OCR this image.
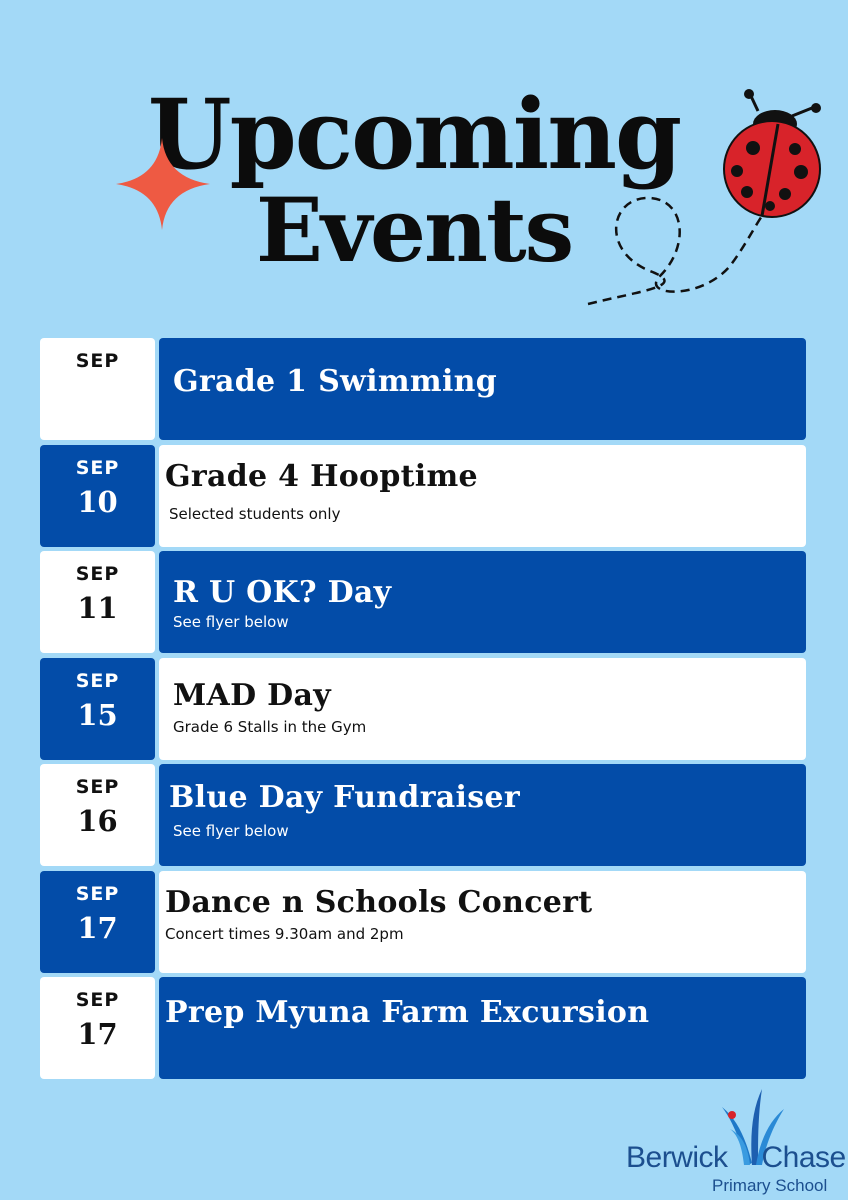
Upcoming
Events
SEP
Grade 1 Swimming
SEP
10
Grade 4 Hooptime
Selected students only
SEP
11	R U OK? Day
See flyer below
SEP
15
MAD Day
Grade 6 Stalls in the Gym
SEP
16
Blue Day Fundraiser
See flyer below
SEP
17
Dance n Schools Concert
Concert times 9.30am and 2pm
SEP
17
Prep Myuna Farm Excursion
Berwick Chase
Primary School
